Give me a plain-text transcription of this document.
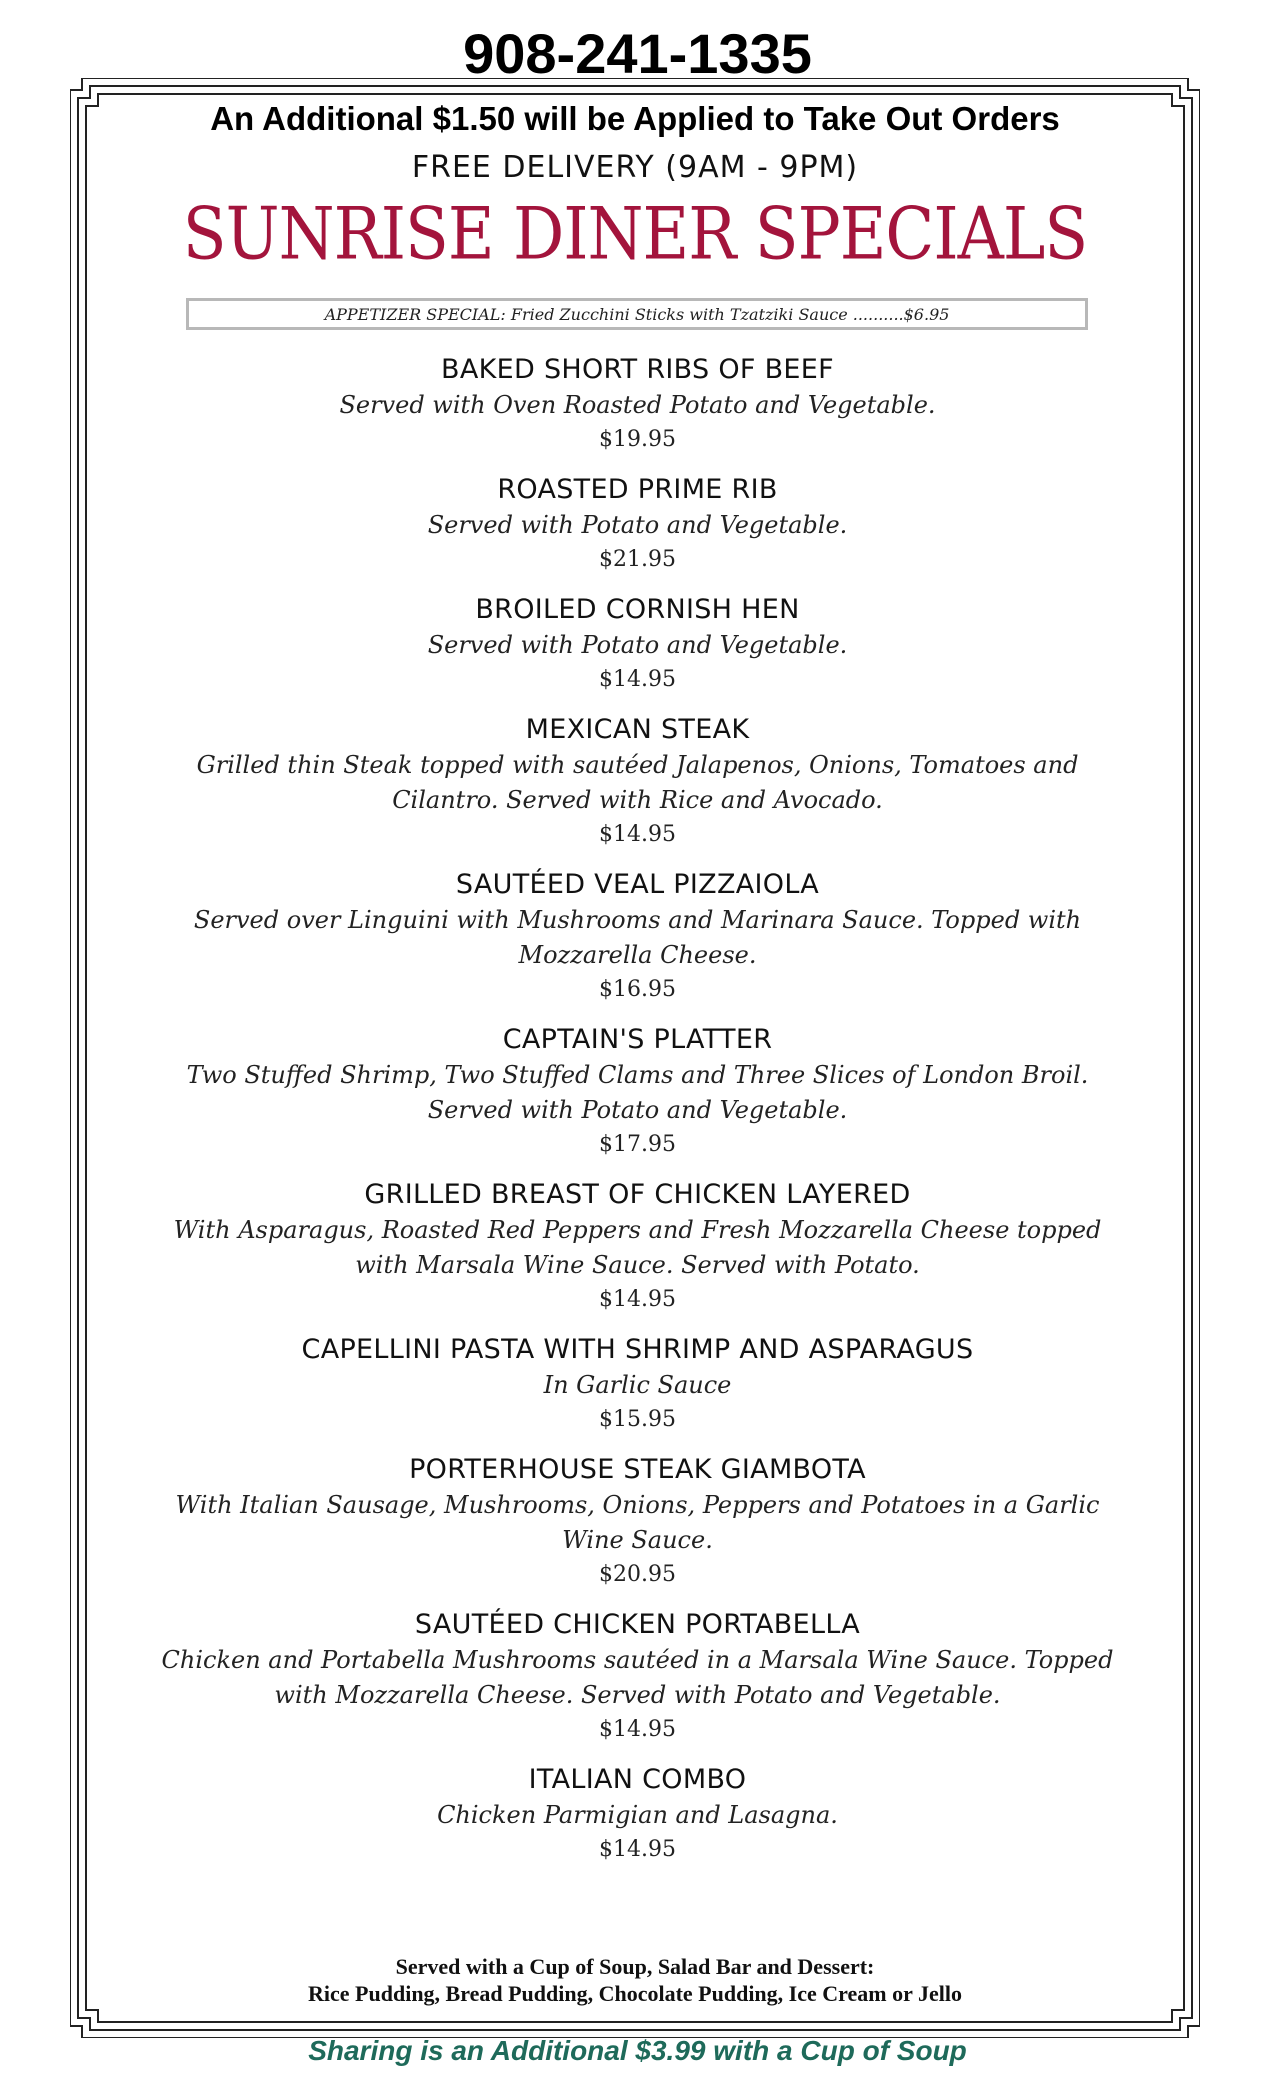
908-241-1335
An Additional $1.50 will be Applied to Take Out Orders
FREE DELIVERY (9AM - 9PM)
SUNRISE DINER SPECIALS
APPETIZER SPECIAL: Fried Zucchini Sticks with Tzatziki Sauce ..........$6.95
BAKED SHORT RIBS OF BEEF
Served with Oven Roasted Potato and Vegetable.
$19.95
ROASTED PRIME RIB
Served with Potato and Vegetable.
$21.95
BROILED CORNISH HEN
Served with Potato and Vegetable.
$14.95
MEXICAN STEAK
Grilled thin Steak topped with sautéed Jalapenos, Onions, Tomatoes and Cilantro. Served with Rice and Avocado.
$14.95
SAUTÉED VEAL PIZZAIOLA
Served over Linguini with Mushrooms and Marinara Sauce. Topped with Mozzarella Cheese.
$16.95
CAPTAIN'S PLATTER
Two Stuffed Shrimp, Two Stuffed Clams and Three Slices of London Broil. Served with Potato and Vegetable.
$17.95
GRILLED BREAST OF CHICKEN LAYERED
With Asparagus, Roasted Red Peppers and Fresh Mozzarella Cheese topped with Marsala Wine Sauce. Served with Potato.
$14.95
CAPELLINI PASTA WITH SHRIMP AND ASPARAGUS
In Garlic Sauce
$15.95
PORTERHOUSE STEAK GIAMBOTA
With Italian Sausage, Mushrooms, Onions, Peppers and Potatoes in a Garlic Wine Sauce.
$20.95
SAUTÉED CHICKEN PORTABELLA
Chicken and Portabella Mushrooms sautéed in a Marsala Wine Sauce. Topped with Mozzarella Cheese. Served with Potato and Vegetable.
$14.95
ITALIAN COMBO
Chicken Parmigian and Lasagna.
$14.95
Served with a Cup of Soup, Salad Bar and Dessert:
Rice Pudding, Bread Pudding, Chocolate Pudding, Ice Cream or Jello
Sharing is an Additional $3.99 with a Cup of Soup
